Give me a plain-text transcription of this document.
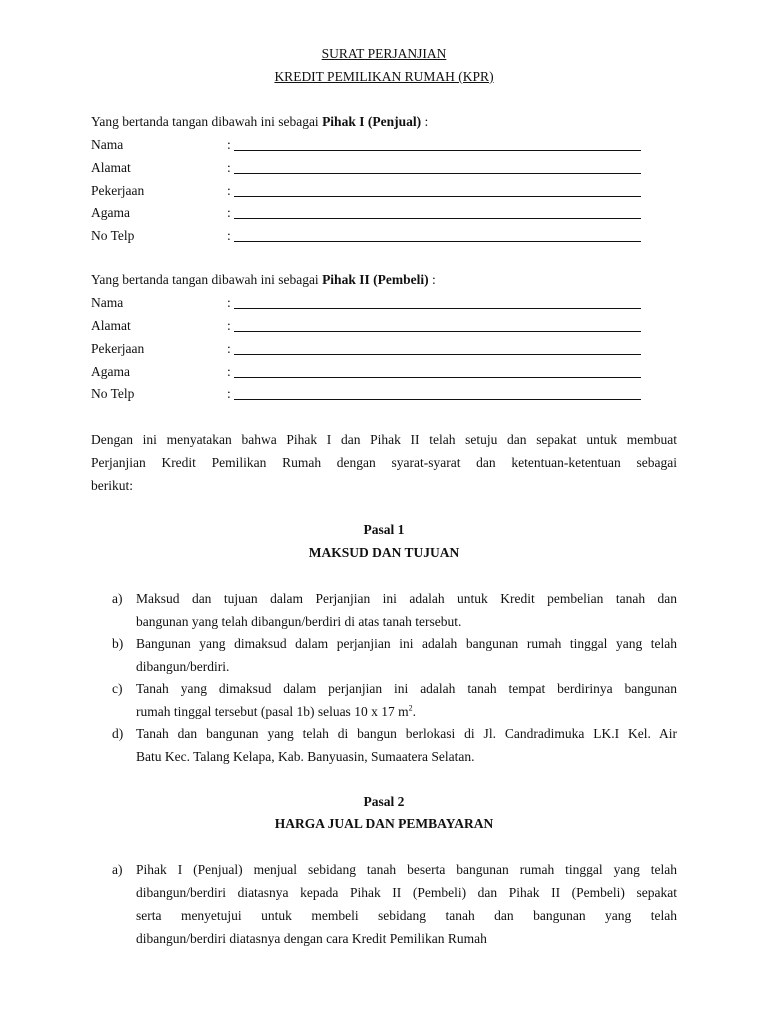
SURAT PERJANJIAN
KREDIT PEMILIKAN RUMAH (KPR)
Yang bertanda tangan dibawah ini sebagai Pihak I (Penjual) :
Nama	:
Alamat	:
Pekerjaan	:
Agama	:
No Telp	:
Yang bertanda tangan dibawah ini sebagai Pihak II (Pembeli) :
Nama	:
Alamat	:
Pekerjaan	:
Agama	:
No Telp	:
Dengan ini menyatakan bahwa Pihak I dan Pihak II telah setuju dan sepakat untuk membuat
Perjanjian Kredit Pemilikan Rumah dengan syarat-syarat dan ketentuan-ketentuan sebagai
berikut:
Pasal 1
MAKSUD DAN TUJUAN
a) Maksud dan tujuan dalam Perjanjian ini adalah untuk Kredit pembelian tanah dan
bangunan yang telah dibangun/berdiri di atas tanah tersebut.
b) Bangunan yang dimaksud dalam perjanjian ini adalah bangunan rumah tinggal yang telah
dibangun/berdiri.
c) Tanah yang dimaksud dalam perjanjian ini adalah tanah tempat berdirinya bangunan
rumah tinggal tersebut (pasal 1b) seluas 10 x 17 $m^2$.
d) Tanah dan bangunan yang telah di bangun berlokasi di Jl. Candradimuka LK.I Kel. Air
Batu Kec. Talang Kelapa, Kab. Banyuasin, Sumaatera Selatan.
Pasal 2
HARGA JUAL DAN PEMBAYARAN
a) Pihak I (Penjual) menjual sebidang tanah beserta bangunan rumah tinggal yang telah
dibangun/berdiri diatasnya kepada Pihak II (Pembeli) dan Pihak II (Pembeli) sepakat
serta menyetujui untuk membeli sebidang tanah dan bangunan yang telah
dibangun/berdiri diatasnya dengan cara Kredit Pemilikan Rumah
